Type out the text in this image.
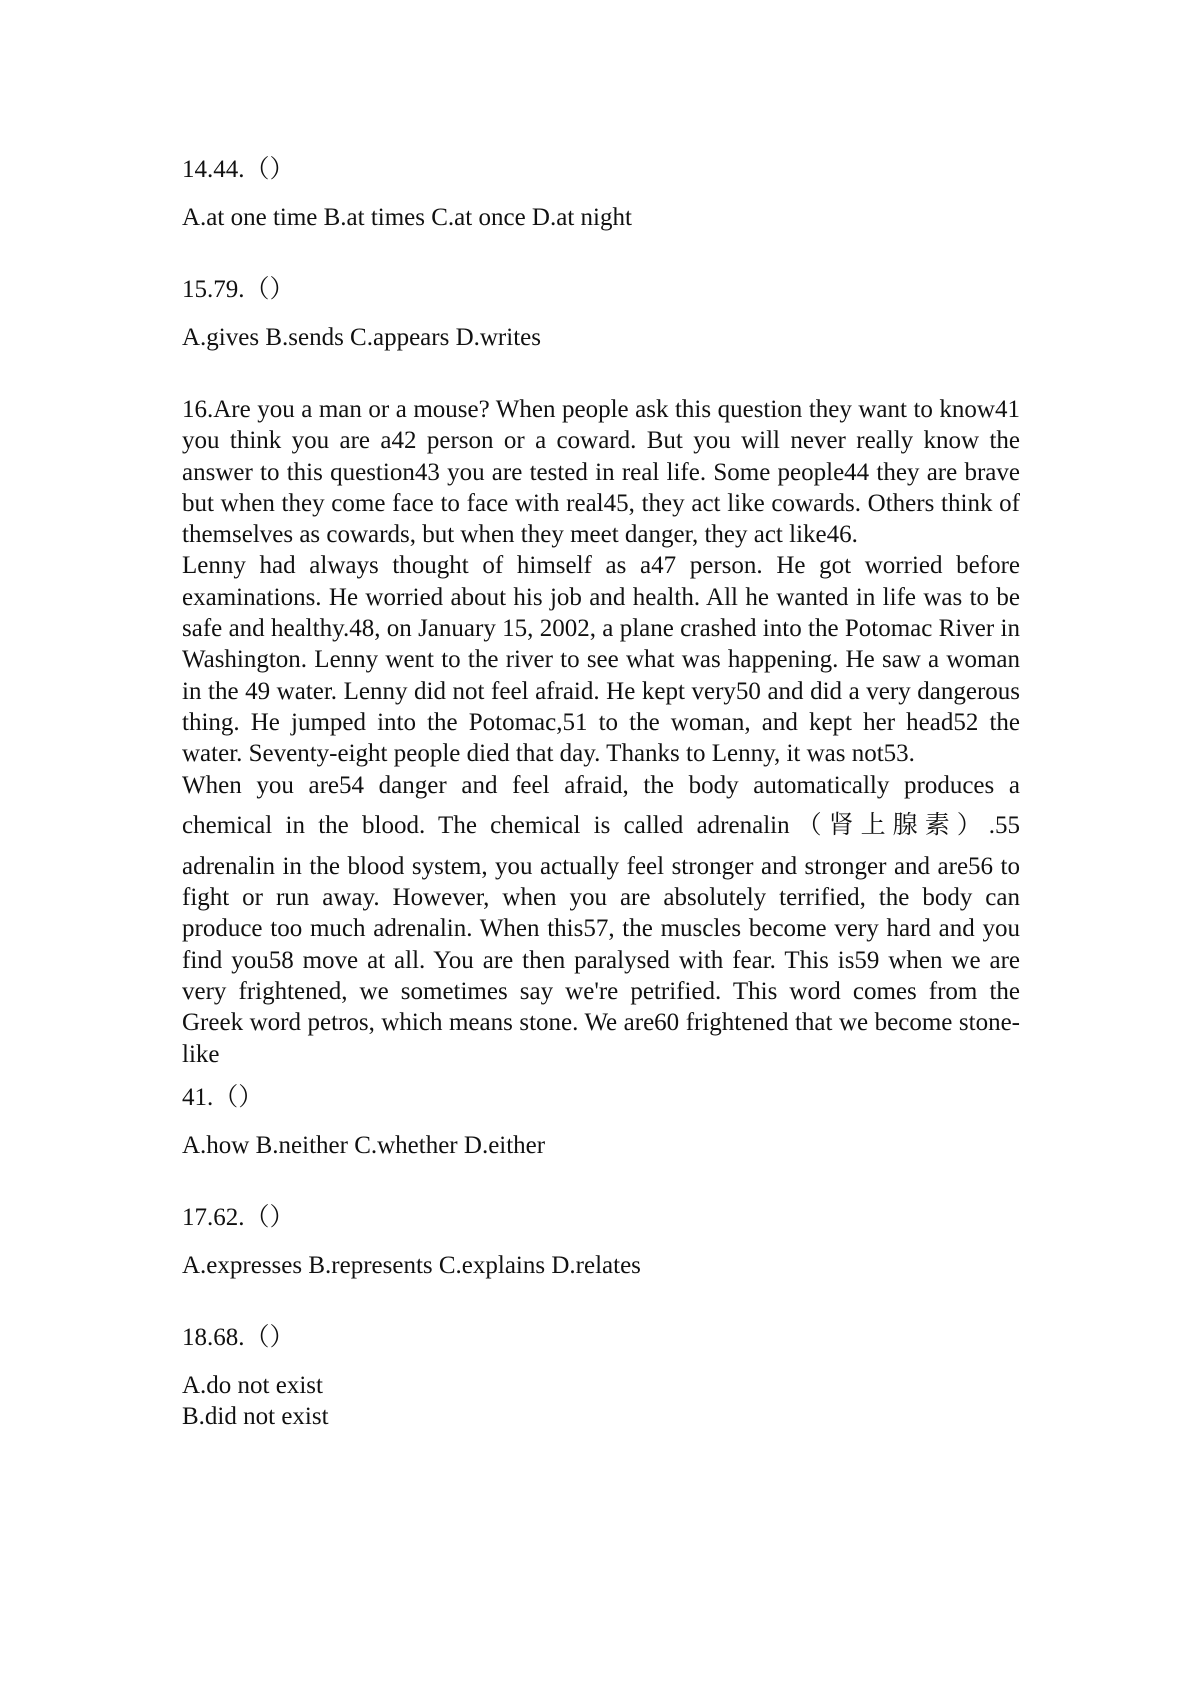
14.44.（）
A.at one time B.at times C.at once D.at night
15.79.（）
A.gives B.sends C.appears D.writes

16.Are you a man or a mouse? When people ask this question they want to know41 you think you are a42 person or a coward. But you will never really know the answer to this question43 you are tested in real life. Some people44 they are brave but when they come face to face with real45, they act like cowards. Others think of themselves as cowards, but when they meet danger, they act like46.

Lenny had always thought of himself as a47 person. He got worried before examinations. He worried about his job and health. All he wanted in life was to be safe and healthy.48, on January 15, 2002, a plane crashed into the Potomac River in Washington. Lenny went to the river to see what was happening. He saw a woman in the 49 water. Lenny did not feel afraid. He kept very50 and did a very dangerous thing. He jumped into the Potomac,51 to the woman, and kept her head52 the water. Seventy-eight people died that day. Thanks to Lenny, it was not53.

When you are54 danger and feel afraid, the body automatically produces a
chemical in the blood. The chemical is called adrenalin（肾上腺素）.55
adrenalin in the blood system, you actually feel stronger and stronger and are56 to fight or run away. However, when you are absolutely terrified, the body can produce too much adrenalin. When this57, the muscles become very hard and you find you58 move at all. You are then paralysed with fear. This is59 when we are very frightened, we sometimes say we're petrified. This word comes from the Greek word petros, which means stone. We are60 frightened that we become stone-like

41.（）
A.how B.neither C.whether D.either
17.62.（）
A.expresses B.represents C.explains D.relates
18.68.（）
A.do not exist
B.did not exist
